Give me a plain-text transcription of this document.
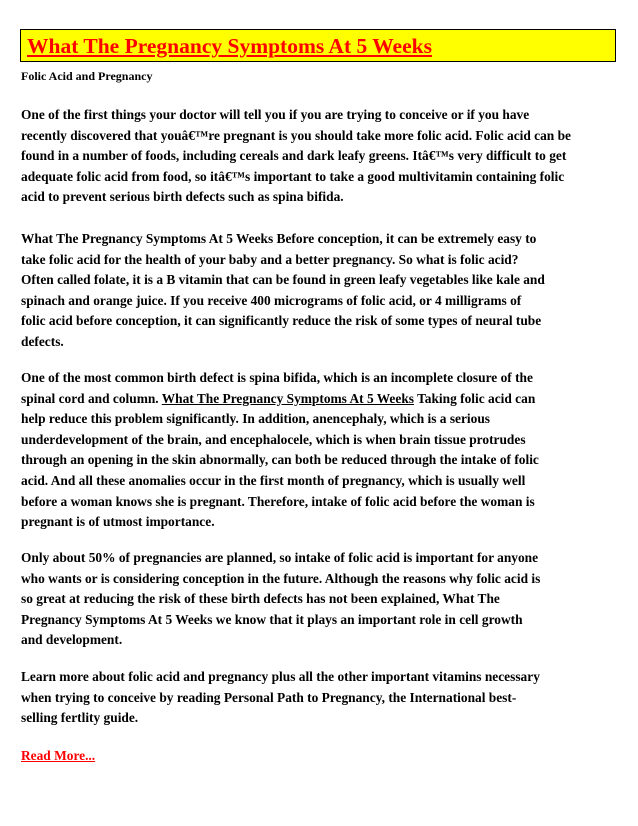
What The Pregnancy Symptoms At 5 Weeks
Folic Acid and Pregnancy
One of the first things your doctor will tell you if you are trying to conceive or if you have
recently discovered that youâ€™re pregnant is you should take more folic acid. Folic acid can be
found in a number of foods, including cereals and dark leafy greens. Itâ€™s very difficult to get
adequate folic acid from food, so itâ€™s important to take a good multivitamin containing folic
acid to prevent serious birth defects such as spina bifida.
What The Pregnancy Symptoms At 5 Weeks Before conception, it can be extremely easy to
take folic acid for the health of your baby and a better pregnancy. So what is folic acid?
Often called folate, it is a B vitamin that can be found in green leafy vegetables like kale and
spinach and orange juice. If you receive 400 micrograms of folic acid, or 4 milligrams of
folic acid before conception, it can significantly reduce the risk of some types of neural tube
defects.
One of the most common birth defect is spina bifida, which is an incomplete closure of the
spinal cord and column. What The Pregnancy Symptoms At 5 Weeks Taking folic acid can
help reduce this problem significantly. In addition, anencephaly, which is a serious
underdevelopment of the brain, and encephalocele, which is when brain tissue protrudes
through an opening in the skin abnormally, can both be reduced through the intake of folic
acid. And all these anomalies occur in the first month of pregnancy, which is usually well
before a woman knows she is pregnant. Therefore, intake of folic acid before the woman is
pregnant is of utmost importance.
Only about 50% of pregnancies are planned, so intake of folic acid is important for anyone
who wants or is considering conception in the future. Although the reasons why folic acid is
so great at reducing the risk of these birth defects has not been explained, What The
Pregnancy Symptoms At 5 Weeks we know that it plays an important role in cell growth
and development.
Learn more about folic acid and pregnancy plus all the other important vitamins necessary
when trying to conceive by reading Personal Path to Pregnancy, the International best-
selling fertlity guide.
Read More...
